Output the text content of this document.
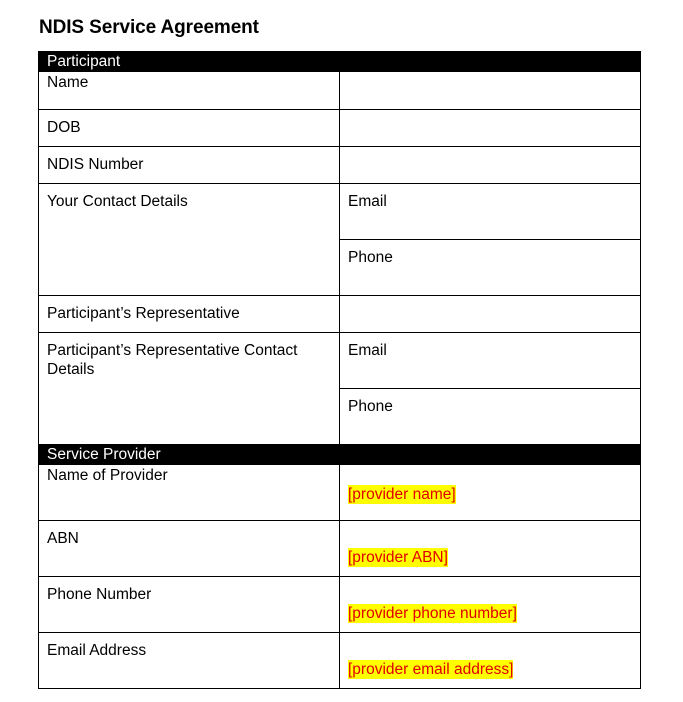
NDIS Service Agreement
Participant	
Name	
DOB	
NDIS Number	
Your Contact Details	Email
	Phone
Participant’s Representative	
Participant’s Representative Contact Details	Email
	Phone
Service Provider	
Name of Provider	[provider name]
ABN	[provider ABN]
Phone Number	[provider phone number]
Email Address	[provider email address]
